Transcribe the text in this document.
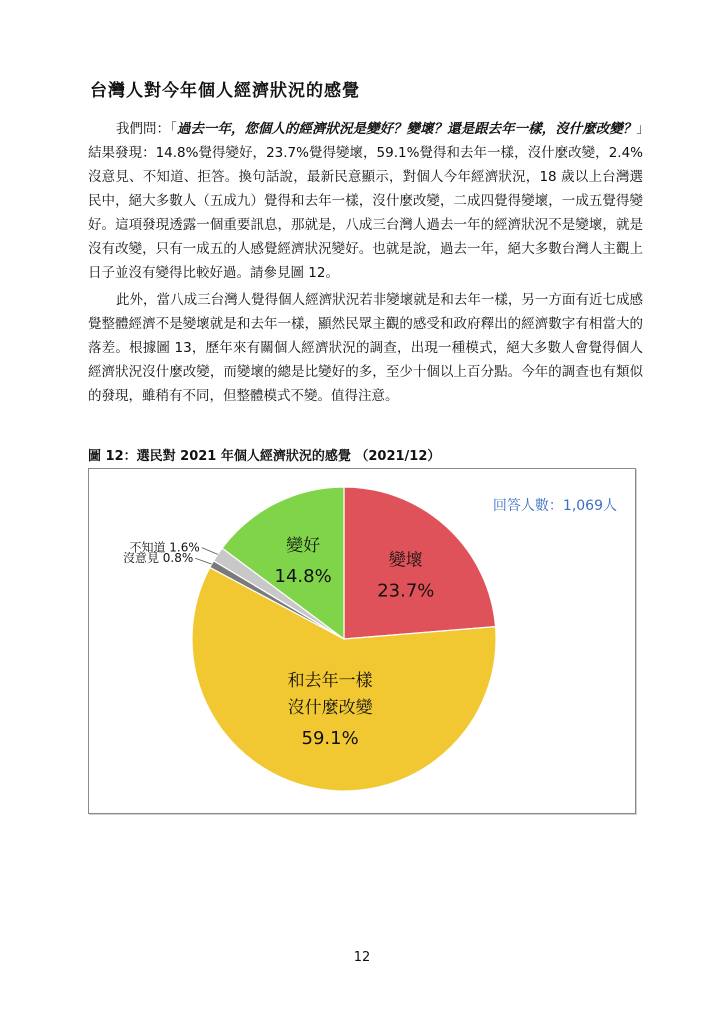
台灣人對今年個人經濟狀況的感覺
我們問：「過去一年，您個人的經濟狀況是變好？變壞？還是跟去年一樣，沒什麼改變？」結果發現：14.8%覺得變好，23.7%覺得變壞，59.1%覺得和去年一樣，沒什麼改變，2.4%沒意見、不知道、拒答。換句話說，最新民意顯示，對個人今年經濟狀況，18 歲以上台灣選民中，絕大多數人（五成九）覺得和去年一樣，沒什麼改變，二成四覺得變壞，一成五覺得變好。這項發現透露一個重要訊息，那就是，八成三台灣人過去一年的經濟狀況不是變壞，就是沒有改變，只有一成五的人感覺經濟狀況變好。也就是說，過去一年，絕大多數台灣人主觀上日子並沒有變得比較好過。請參見圖 12。
此外，當八成三台灣人覺得個人經濟狀況若非變壞就是和去年一樣，另一方面有近七成感覺整體經濟不是變壞就是和去年一樣，顯然民眾主觀的感受和政府釋出的經濟數字有相當大的落差。根據圖 13，歷年來有關個人經濟狀況的調查，出現一種模式，絕大多數人會覺得個人經濟狀況沒什麼改變，而變壞的總是比變好的多，至少十個以上百分點。今年的調查也有類似的發現，雖稍有不同，但整體模式不變。值得注意。
圖 12：選民對 2021 年個人經濟狀況的感覺 （2021/12）
變壞
23.7%
和去年一樣
沒什麼改變
59.1%
沒意見 0.8%
不知道 1.6%	變好
14.8%
回答人數：1,069人
12
